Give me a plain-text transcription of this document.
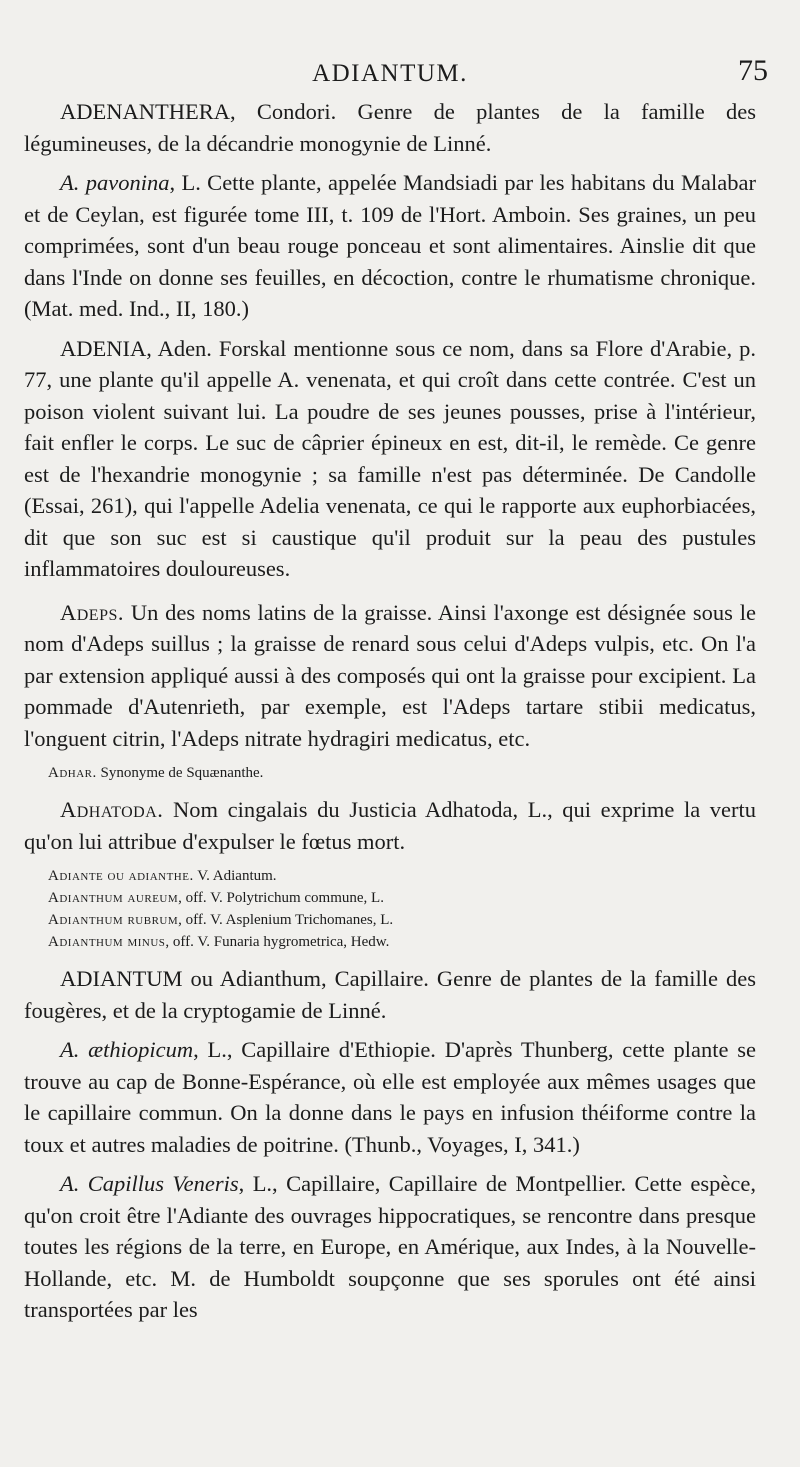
ADIANTUM.	75

ADENANTHERA, Condori. Genre de plantes de la famille des légumineuses, de la décandrie monogynie de Linné.

A. pavonina, L. Cette plante, appelée Mandsiadi par les habitans du Malabar et de Ceylan, est figurée tome III, t. 109 de l'Hort. Amboin. Ses graines, un peu comprimées, sont d'un beau rouge ponceau et sont alimentaires. Ainslie dit que dans l'Inde on donne ses feuilles, en décoction, contre le rhumatisme chronique. (Mat. med. Ind., II, 180.)

ADENIA, Aden. Forskal mentionne sous ce nom, dans sa Flore d'Arabie, p. 77, une plante qu'il appelle A. venenata, et qui croît dans cette contrée. C'est un poison violent suivant lui. La poudre de ses jeunes pousses, prise à l'intérieur, fait enfler le corps. Le suc de câprier épineux en est, dit-il, le remède. Ce genre est de l'hexandrie monogynie ; sa famille n'est pas déterminée. De Candolle (Essai, 261), qui l'appelle Adelia venenata, ce qui le rapporte aux euphorbiacées, dit que son suc est si caustique qu'il produit sur la peau des pustules inflammatoires douloureuses.

Adeps. Un des noms latins de la graisse. Ainsi l'axonge est désignée sous le nom d'Adeps suillus ; la graisse de renard sous celui d'Adeps vulpis, etc. On l'a par extension appliqué aussi à des composés qui ont la graisse pour excipient. La pommade d'Autenrieth, par exemple, est l'Adeps tartare stibii medicatus, l'onguent citrin, l'Adeps nitrate hydragiri medicatus, etc.

Adhar. Synonyme de Squænanthe.

Adhatoda. Nom cingalais du Justicia Adhatoda, L., qui exprime la vertu qu'on lui attribue d'expulser le fœtus mort.

Adiante ou adianthe. V. Adiantum.

Adianthum aureum, off. V. Polytrichum commune, L.

Adianthum rubrum, off. V. Asplenium Trichomanes, L.

Adianthum minus, off. V. Funaria hygrometrica, Hedw.

ADIANTUM ou Adianthum, Capillaire. Genre de plantes de la famille des fougères, et de la cryptogamie de Linné.

A. æthiopicum, L., Capillaire d'Ethiopie. D'après Thunberg, cette plante se trouve au cap de Bonne-Espérance, où elle est employée aux mêmes usages que le capillaire commun. On la donne dans le pays en infusion théiforme contre la toux et autres maladies de poitrine. (Thunb., Voyages, I, 341.)

A. Capillus Veneris, L., Capillaire, Capillaire de Montpellier. Cette espèce, qu'on croit être l'Adiante des ouvrages hippocratiques, se rencontre dans presque toutes les régions de la terre, en Europe, en Amérique, aux Indes, à la Nouvelle-Hollande, etc. M. de Humboldt soupçonne que ses sporules ont été ainsi transportées par les
